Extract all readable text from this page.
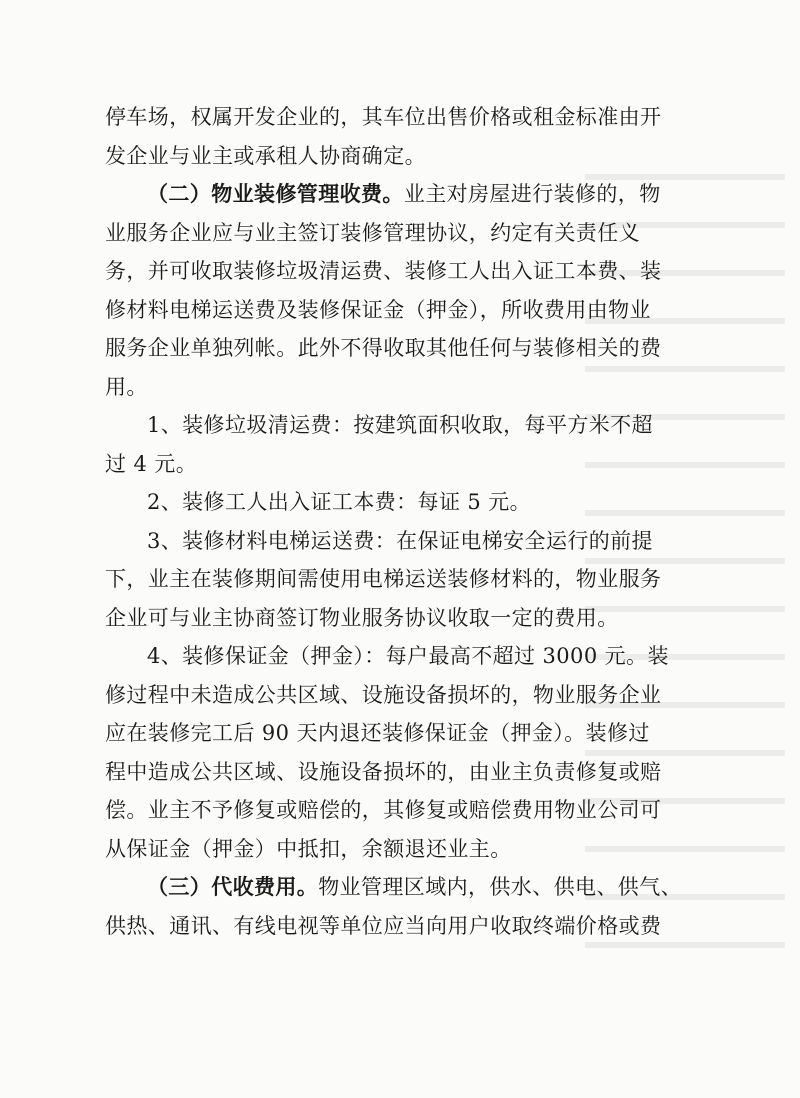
停车场，权属开发企业的，其车位出售价格或租金标准由开
发企业与业主或承租人协商确定。
（二）物业装修管理收费。业主对房屋进行装修的，物
业服务企业应与业主签订装修管理协议，约定有关责任义
务，并可收取装修垃圾清运费、装修工人出入证工本费、装
修材料电梯运送费及装修保证金（押金），所收费用由物业
服务企业单独列帐。此外不得收取其他任何与装修相关的费
用。
1、装修垃圾清运费：按建筑面积收取，每平方米不超
过 4 元。
2、装修工人出入证工本费：每证 5 元。
3、装修材料电梯运送费：在保证电梯安全运行的前提
下，业主在装修期间需使用电梯运送装修材料的，物业服务
企业可与业主协商签订物业服务协议收取一定的费用。
4、装修保证金（押金）：每户最高不超过 3000 元。装
修过程中未造成公共区域、设施设备损坏的，物业服务企业
应在装修完工后 90 天内退还装修保证金（押金）。装修过
程中造成公共区域、设施设备损坏的，由业主负责修复或赔
偿。业主不予修复或赔偿的，其修复或赔偿费用物业公司可
从保证金（押金）中抵扣，余额退还业主。
（三）代收费用。物业管理区域内，供水、供电、供气、
供热、通讯、有线电视等单位应当向用户收取终端价格或费
